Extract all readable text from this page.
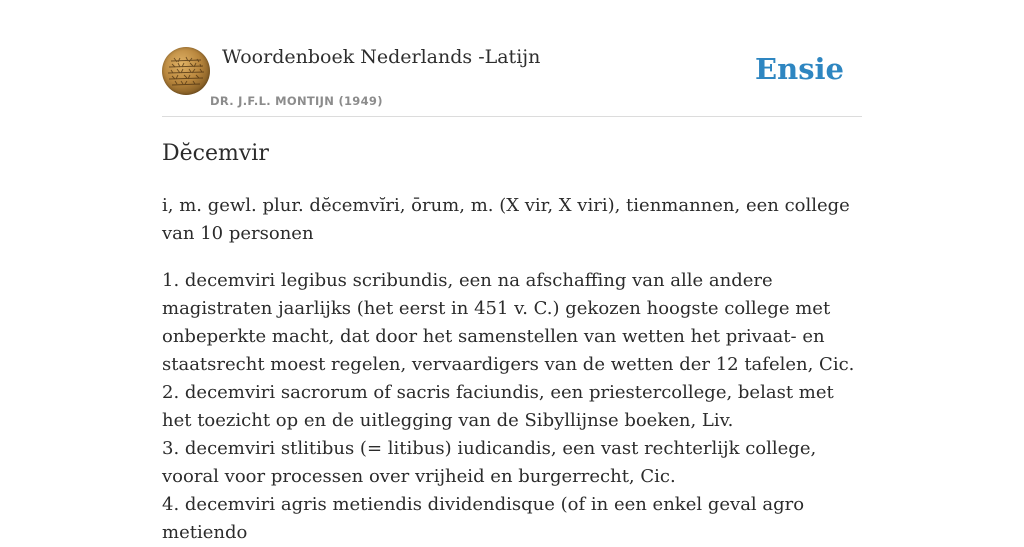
Woordenboek Nederlands -Latijn
DR. J.F.L. MONTIJN (1949)
Ensie
Dĕcemvir

i, m. gewl. plur. dĕcemvĭri, ōrum, m. (X vir, X viri), tienmannen, een college van 10 personen

1. decemviri legibus scribundis, een na afschaffing van alle andere magistraten jaarlijks (het eerst in 451 v. C.) gekozen hoogste college met onbeperkte macht, dat door het samenstellen van wetten het privaat- en staatsrecht moest regelen, vervaardigers van de wetten der 12 tafelen, Cic.

2. decemviri sacrorum of sacris faciundis, een priestercollege, belast met het toezicht op en de uitlegging van de Sibyllijnse boeken, Liv.

3. decemviri stlitibus (= litibus) iudicandis, een vast rechterlijk college, vooral voor processen over vrijheid en burgerrecht, Cic.

4. decemviri agris metiendis dividendisque (of in een enkel geval agro metiendo
